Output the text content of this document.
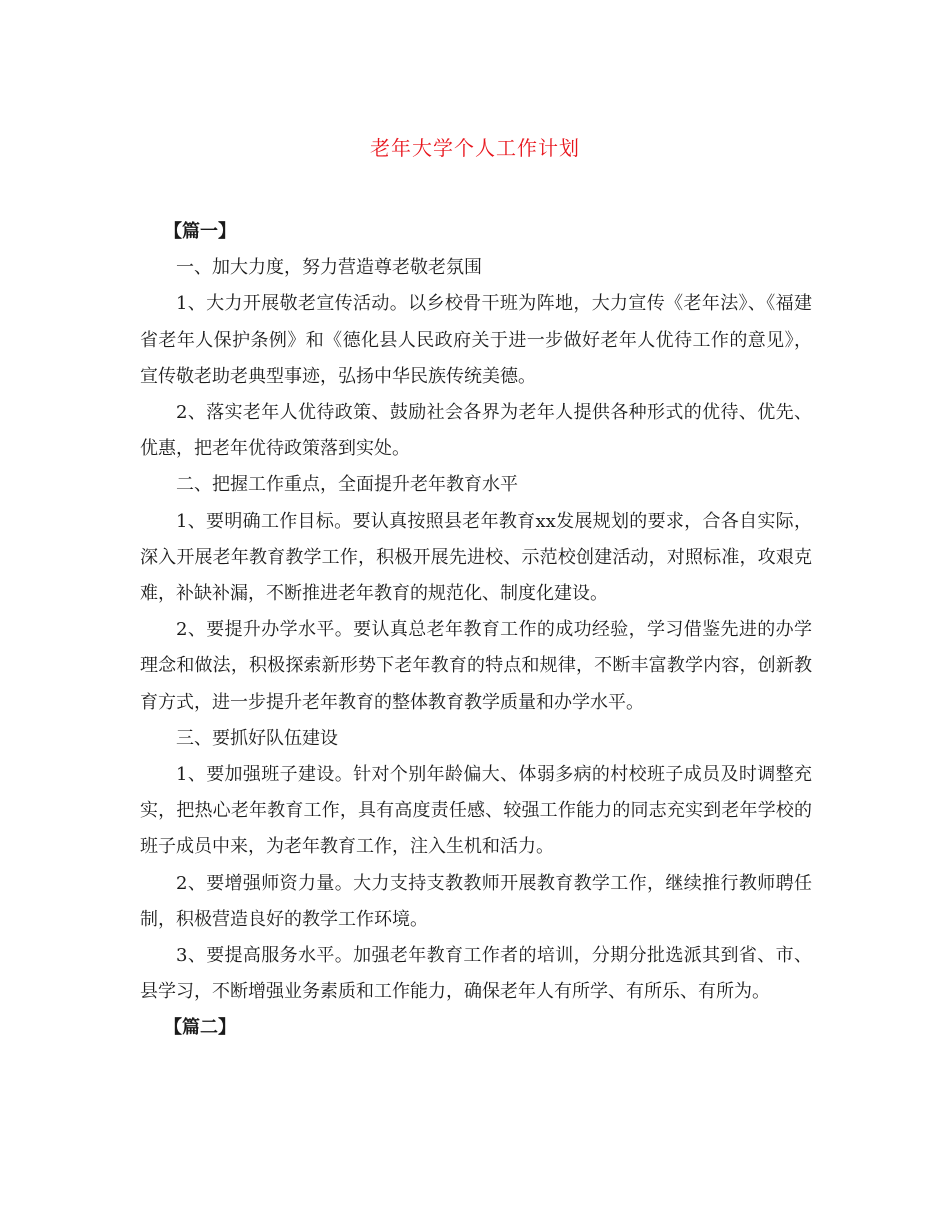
老年大学个人工作计划

【篇一】

一、加大力度，努力营造尊老敬老氛围

1、大力开展敬老宣传活动。以乡校骨干班为阵地，大力宣传《老年法》、《福建省老年人保护条例》和《德化县人民政府关于进一步做好老年人优待工作的意见》，宣传敬老助老典型事迹，弘扬中华民族传统美德。

2、落实老年人优待政策、鼓励社会各界为老年人提供各种形式的优待、优先、优惠，把老年优待政策落到实处。

二、把握工作重点，全面提升老年教育水平

1、要明确工作目标。要认真按照县老年教育xx发展规划的要求，合各自实际，深入开展老年教育教学工作，积极开展先进校、示范校创建活动，对照标准，攻艰克难，补缺补漏，不断推进老年教育的规范化、制度化建设。

2、要提升办学水平。要认真总老年教育工作的成功经验，学习借鉴先进的办学理念和做法，积极探索新形势下老年教育的特点和规律，不断丰富教学内容，创新教育方式，进一步提升老年教育的整体教育教学质量和办学水平。

三、要抓好队伍建设

1、要加强班子建设。针对个别年龄偏大、体弱多病的村校班子成员及时调整充实，把热心老年教育工作，具有高度责任感、较强工作能力的同志充实到老年学校的班子成员中来，为老年教育工作，注入生机和活力。

2、要增强师资力量。大力支持支教教师开展教育教学工作，继续推行教师聘任制，积极营造良好的教学工作环境。

3、要提高服务水平。加强老年教育工作者的培训，分期分批选派其到省、市、县学习，不断增强业务素质和工作能力，确保老年人有所学、有所乐、有所为。

【篇二】
